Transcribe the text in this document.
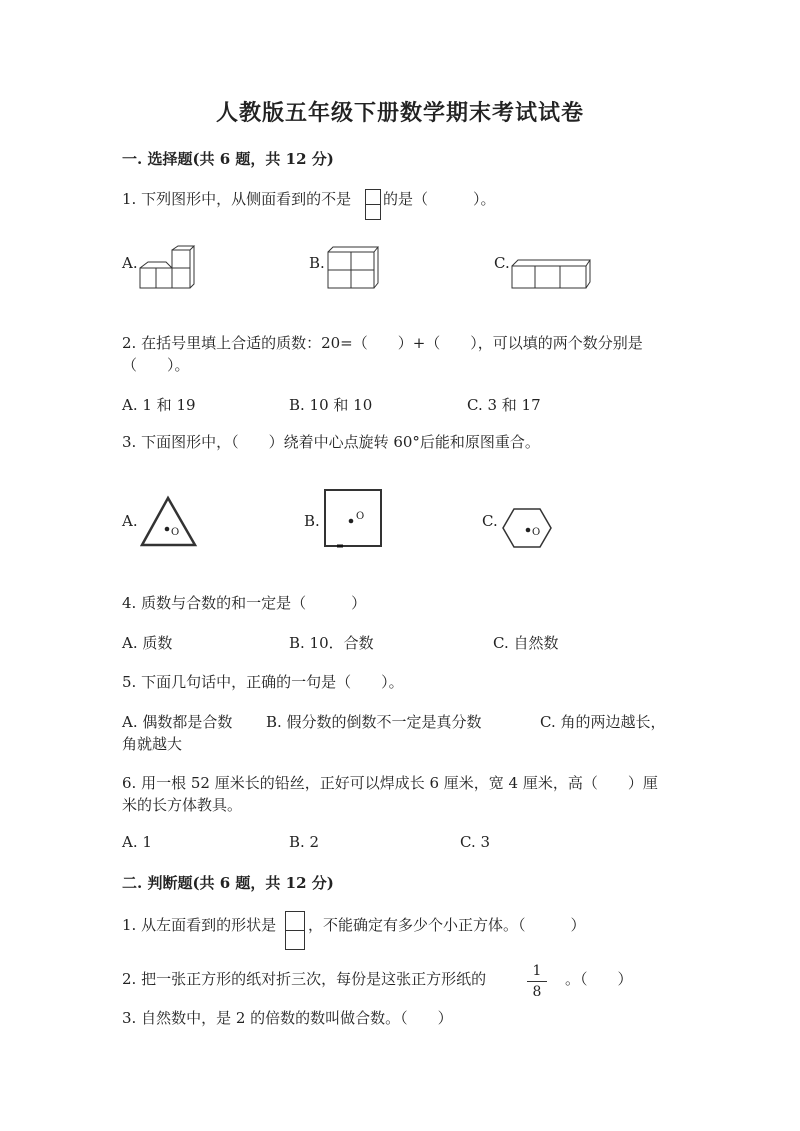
人教版五年级下册数学期末考试试卷
一. 选择题(共 6 题，共 12 分)
1. 下列图形中，从侧面看到的不是 的是（　　　）。
A.	B.	C.
2. 在括号里填上合适的质数：20=（　　）+（　　），可以填的两个数分别是
（　　）。
A. 1 和 19	B. 10 和 10	C. 3 和 17
3. 下面图形中，（　　）绕着中心点旋转 60°后能和原图重合。
A.
O
B.	O	C.
O
4. 质数与合数的和一定是（　　　）
A. 质数	B. 10．合数	C. 自然数
5. 下面几句话中，正确的一句是（　　）。
A. 偶数都是合数 B. 假分数的倒数不一定是真分数	C. 角的两边越长，
角就越大
6. 用一根 52 厘米长的铅丝，正好可以焊成长 6 厘米，宽 4 厘米，高（　　）厘
米的长方体教具。
A. 1	B. 2	C. 3
二. 判断题(共 6 题，共 12 分)
1. 从左面看到的形状是 ，不能确定有多少个小正方体。（　　　）
2. 把一张正方形的纸对折三次，每份是这张正方形纸的	1
8
。（　　）
3. 自然数中，是 2 的倍数的数叫做合数。（　　）
